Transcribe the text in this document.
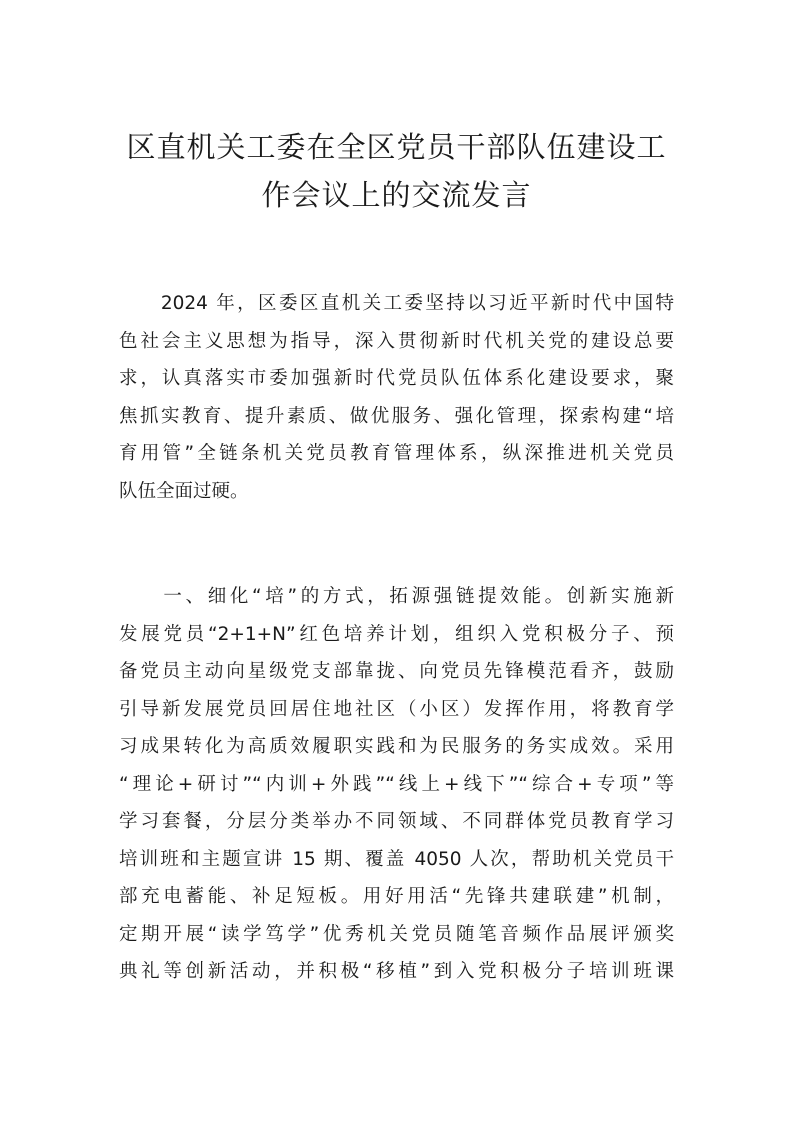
区直机关工委在全区党员干部队伍建设工
作会议上的交流发言
　　2024 年，区委区直机关工委坚持以习近平新时代中国特
色社会主义思想为指导，深入贯彻新时代机关党的建设总要
求，认真落实市委加强新时代党员队伍体系化建设要求，聚
焦抓实教育、提升素质、做优服务、强化管理，探索构建“培
育用管”全链条机关党员教育管理体系，纵深推进机关党员
队伍全面过硬。
　　一、细化“培”的方式，拓源强链提效能。创新实施新
发展党员“2+1+N”红色培养计划，组织入党积极分子、预
备党员主动向星级党支部靠拢、向党员先锋模范看齐，鼓励
引导新发展党员回居住地社区（小区）发挥作用，将教育学
习成果转化为高质效履职实践和为民服务的务实成效。采用
“理论+研讨”“内训+外践”“线上+线下”“综合+专项”等
学习套餐，分层分类举办不同领域、不同群体党员教育学习
培训班和主题宣讲 15 期、覆盖 4050 人次，帮助机关党员干
部充电蓄能、补足短板。用好用活“先锋共建联建”机制，
定期开展“读学笃学”优秀机关党员随笔音频作品展评颁奖
典礼等创新活动，并积极“移植”到入党积极分子培训班课
